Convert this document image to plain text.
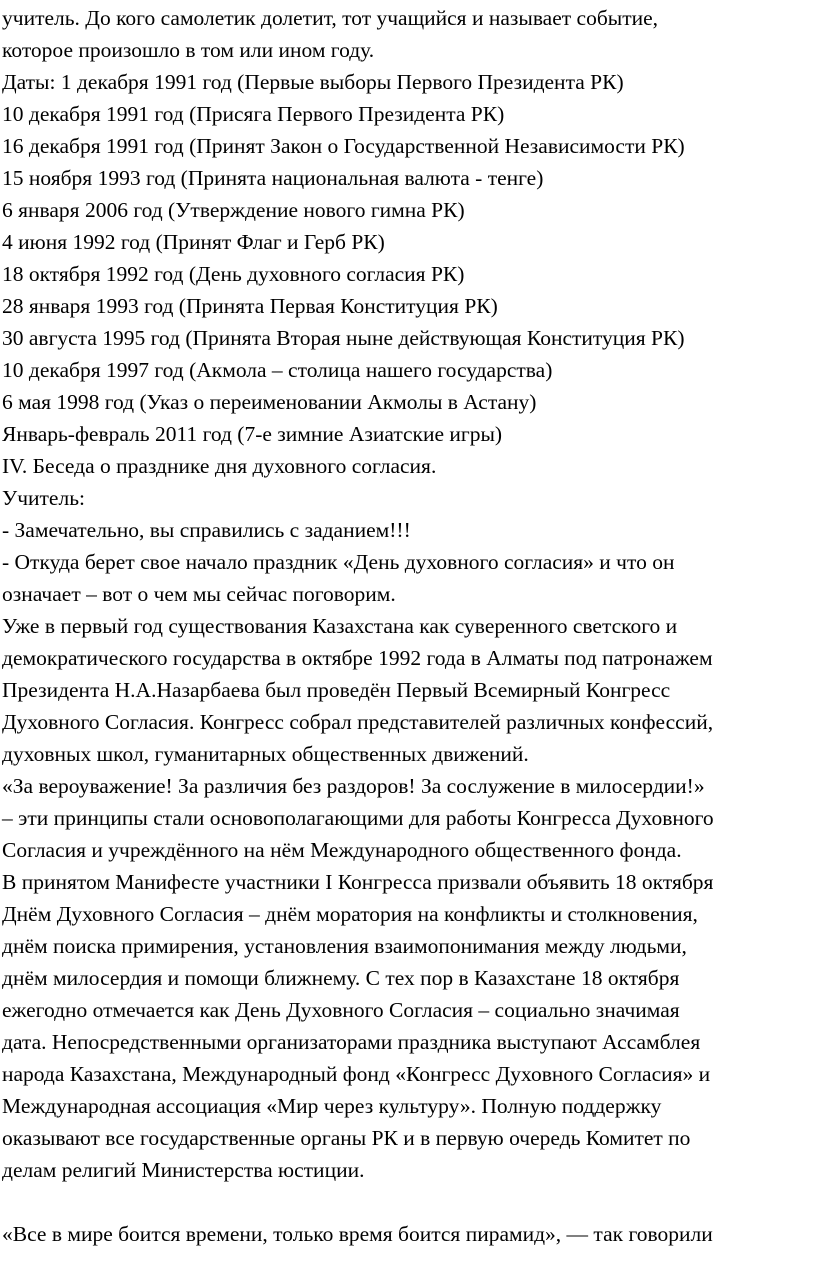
учитель. До кого самолетик долетит, тот учащийся и называет событие,
которое произошло в том или ином году.
Даты: 1 декабря 1991 год (Первые выборы Первого Президента РК)
10 декабря 1991 год (Присяга Первого Президента РК)
16 декабря 1991 год (Принят Закон о Государственной Независимости РК)
15 ноября 1993 год (Принята национальная валюта - тенге)
6 января 2006 год (Утверждение нового гимна РК)
4 июня 1992 год (Принят Флаг и Герб РК)
18 октября 1992 год (День духовного согласия РК)
28 января 1993 год (Принята Первая Конституция РК)
30 августа 1995 год (Принята Вторая ныне действующая Конституция РК)
10 декабря 1997 год (Акмола – столица нашего государства)
6 мая 1998 год (Указ о переименовании Акмолы в Астану)
Январь-февраль 2011 год (7-е зимние Азиатские игры)
IV. Беседа о празднике дня духовного согласия.
Учитель:
- Замечательно, вы справились с заданием!!!
- Откуда берет свое начало праздник «День духовного согласия» и что он
означает – вот о чем мы сейчас поговорим.
Уже в первый год существования Казахстана как суверенного светского и
демократического государства в октябре 1992 года в Алматы под патронажем
Президента Н.А.Назарбаева был проведён Первый Всемирный Конгресс
Духовного Согласия. Конгресс собрал представителей различных конфессий,
духовных школ, гуманитарных общественных движений.
«За вероуважение! За различия без раздоров! За сослужение в милосердии!»
– эти принципы стали основополагающими для работы Конгресса Духовного
Согласия и учреждённого на нём Международного общественного фонда.
В принятом Манифесте участники I Конгресса призвали объявить 18 октября
Днём Духовного Согласия – днём моратория на конфликты и столкновения,
днём поиска примирения, установления взаимопонимания между людьми,
днём милосердия и помощи ближнему. С тех пор в Казахстане 18 октября
ежегодно отмечается как День Духовного Согласия – социально значимая
дата. Непосредственными организаторами праздника выступают Ассамблея
народа Казахстана, Международный фонд «Конгресс Духовного Согласия» и
Международная ассоциация «Мир через культуру». Полную поддержку
оказывают все государственные органы РК и в первую очередь Комитет по
делам религий Министерства юстиции.
«Все в мире боится времени, только время боится пирамид», — так говорили
